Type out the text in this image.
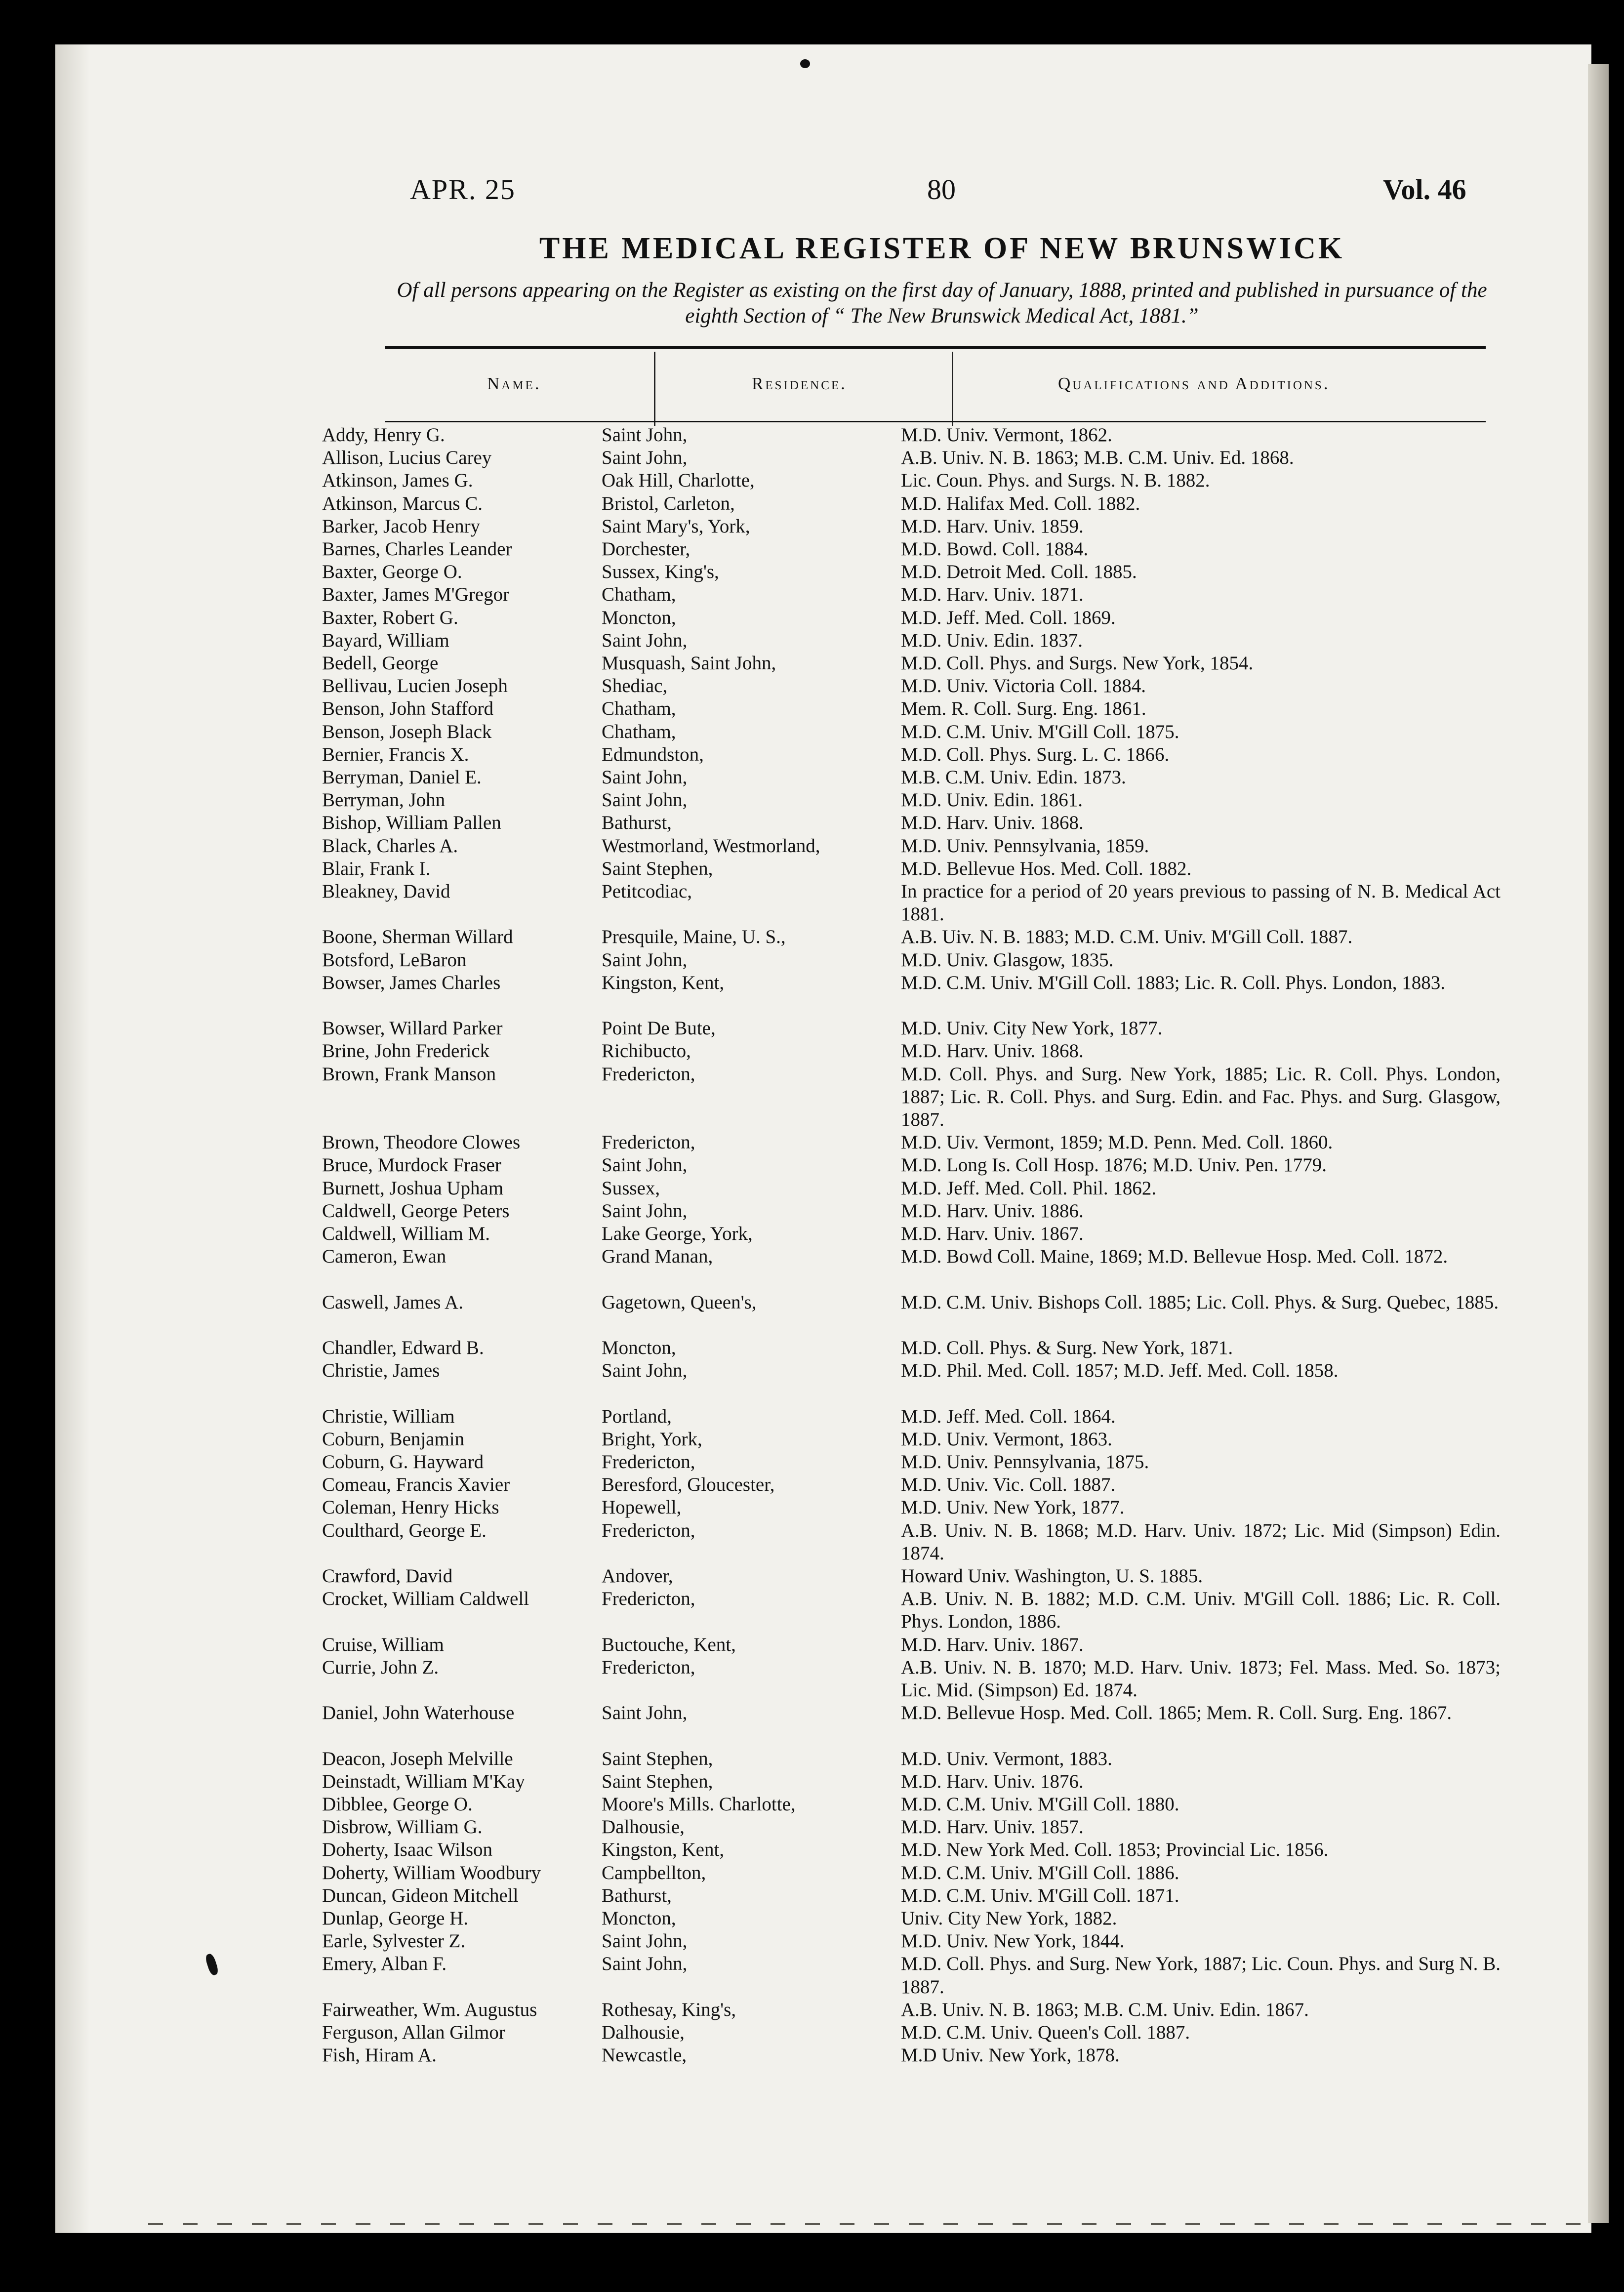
APR. 25	80	Vol. 46
THE MEDICAL REGISTER OF NEW BRUNSWICK
Of all persons appearing on the Register as existing on the first day of January, 1888, printed and published in pursuance of the eighth Section of “ The New Brunswick Medical Act, 1881.”
Name.	Residence.	Qualifications and Additions.
Addy, Henry G.	Saint John,	M.D. Univ. Vermont, 1862.
Allison, Lucius Carey	Saint John,	A.B. Univ. N. B. 1863; M.B. C.M. Univ. Ed. 1868.
Atkinson, James G.	Oak Hill, Charlotte,	Lic. Coun. Phys. and Surgs. N. B. 1882.
Atkinson, Marcus C.	Bristol, Carleton,	M.D. Halifax Med. Coll. 1882.
Barker, Jacob Henry	Saint Mary's, York,	M.D. Harv. Univ. 1859.
Barnes, Charles Leander	Dorchester,	M.D. Bowd. Coll. 1884.
Baxter, George O.	Sussex, King's,	M.D. Detroit Med. Coll. 1885.
Baxter, James M'Gregor	Chatham,	M.D. Harv. Univ. 1871.
Baxter, Robert G.	Moncton,	M.D. Jeff. Med. Coll. 1869.
Bayard, William	Saint John,	M.D. Univ. Edin. 1837.
Bedell, George	Musquash, Saint John,	M.D. Coll. Phys. and Surgs. New York, 1854.
Bellivau, Lucien Joseph	Shediac,	M.D. Univ. Victoria Coll. 1884.
Benson, John Stafford	Chatham,	Mem. R. Coll. Surg. Eng. 1861.
Benson, Joseph Black	Chatham,	M.D. C.M. Univ. M'Gill Coll. 1875.
Bernier, Francis X.	Edmundston,	M.D. Coll. Phys. Surg. L. C. 1866.
Berryman, Daniel E.	Saint John,	M.B. C.M. Univ. Edin. 1873.
Berryman, John	Saint John,	M.D. Univ. Edin. 1861.
Bishop, William Pallen	Bathurst,	M.D. Harv. Univ. 1868.
Black, Charles A.	Westmorland, Westmorland,	M.D. Univ. Pennsylvania, 1859.
Blair, Frank I.	Saint Stephen,	M.D. Bellevue Hos. Med. Coll. 1882.
Bleakney, David	Petitcodiac,	In practice for a period of 20 years previous to passing of N. B. Medical Act 1881.
Boone, Sherman Willard	Presquile, Maine, U. S.,	A.B. Uiv. N. B. 1883; M.D. C.M. Univ. M'Gill Coll. 1887.
Botsford, LeBaron	Saint John,	M.D. Univ. Glasgow, 1835.
Bowser, James Charles	Kingston, Kent,	M.D. C.M. Univ. M'Gill Coll. 1883; Lic. R. Coll. Phys. London, 1883.
Bowser, Willard Parker	Point De Bute,	M.D. Univ. City New York, 1877.
Brine, John Frederick	Richibucto,	M.D. Harv. Univ. 1868.
Brown, Frank Manson	Fredericton,	M.D. Coll. Phys. and Surg. New York, 1885; Lic. R. Coll. Phys. London, 1887; Lic. R. Coll. Phys. and Surg. Edin. and Fac. Phys. and Surg. Glasgow, 1887.
Brown, Theodore Clowes	Fredericton,	M.D. Uiv. Vermont, 1859; M.D. Penn. Med. Coll. 1860.
Bruce, Murdock Fraser	Saint John,	M.D. Long Is. Coll Hosp. 1876; M.D. Univ. Pen. 1779.
Burnett, Joshua Upham	Sussex,	M.D. Jeff. Med. Coll. Phil. 1862.
Caldwell, George Peters	Saint John,	M.D. Harv. Univ. 1886.
Caldwell, William M.	Lake George, York,	M.D. Harv. Univ. 1867.
Cameron, Ewan	Grand Manan,	M.D. Bowd Coll. Maine, 1869; M.D. Bellevue Hosp. Med. Coll. 1872.
Caswell, James A.	Gagetown, Queen's,	M.D. C.M. Univ. Bishops Coll. 1885; Lic. Coll. Phys. & Surg. Quebec, 1885.
Chandler, Edward B.	Moncton,	M.D. Coll. Phys. & Surg. New York, 1871.
Christie, James	Saint John,	M.D. Phil. Med. Coll. 1857; M.D. Jeff. Med. Coll. 1858.
Christie, William	Portland,	M.D. Jeff. Med. Coll. 1864.
Coburn, Benjamin	Bright, York,	M.D. Univ. Vermont, 1863.
Coburn, G. Hayward	Fredericton,	M.D. Univ. Pennsylvania, 1875.
Comeau, Francis Xavier	Beresford, Gloucester,	M.D. Univ. Vic. Coll. 1887.
Coleman, Henry Hicks	Hopewell,	M.D. Univ. New York, 1877.
Coulthard, George E.	Fredericton,	A.B. Univ. N. B. 1868; M.D. Harv. Univ. 1872; Lic. Mid (Simpson) Edin. 1874.
Crawford, David	Andover,	Howard Univ. Washington, U. S. 1885.
Crocket, William Caldwell	Fredericton,	A.B. Univ. N. B. 1882; M.D. C.M. Univ. M'Gill Coll. 1886; Lic. R. Coll. Phys. London, 1886.
Cruise, William	Buctouche, Kent,	M.D. Harv. Univ. 1867.
Currie, John Z.	Fredericton,	A.B. Univ. N. B. 1870; M.D. Harv. Univ. 1873; Fel. Mass. Med. So. 1873; Lic. Mid. (Simpson) Ed. 1874.
Daniel, John Waterhouse	Saint John,	M.D. Bellevue Hosp. Med. Coll. 1865; Mem. R. Coll. Surg. Eng. 1867.
Deacon, Joseph Melville	Saint Stephen,	M.D. Univ. Vermont, 1883.
Deinstadt, William M'Kay	Saint Stephen,	M.D. Harv. Univ. 1876.
Dibblee, George O.	Moore's Mills. Charlotte,	M.D. C.M. Univ. M'Gill Coll. 1880.
Disbrow, William G.	Dalhousie,	M.D. Harv. Univ. 1857.
Doherty, Isaac Wilson	Kingston, Kent,	M.D. New York Med. Coll. 1853; Provincial Lic. 1856.
Doherty, William Woodbury	Campbellton,	M.D. C.M. Univ. M'Gill Coll. 1886.
Duncan, Gideon Mitchell	Bathurst,	M.D. C.M. Univ. M'Gill Coll. 1871.
Dunlap, George H.	Moncton,	Univ. City New York, 1882.
Earle, Sylvester Z.	Saint John,	M.D. Univ. New York, 1844.
Emery, Alban F.	Saint John,	M.D. Coll. Phys. and Surg. New York, 1887; Lic. Coun. Phys. and Surg N. B. 1887.
Fairweather, Wm. Augustus	Rothesay, King's,	A.B. Univ. N. B. 1863; M.B. C.M. Univ. Edin. 1867.
Ferguson, Allan Gilmor	Dalhousie,	M.D. C.M. Univ. Queen's Coll. 1887.
Fish, Hiram A.	Newcastle,	M.D Univ. New York, 1878.
